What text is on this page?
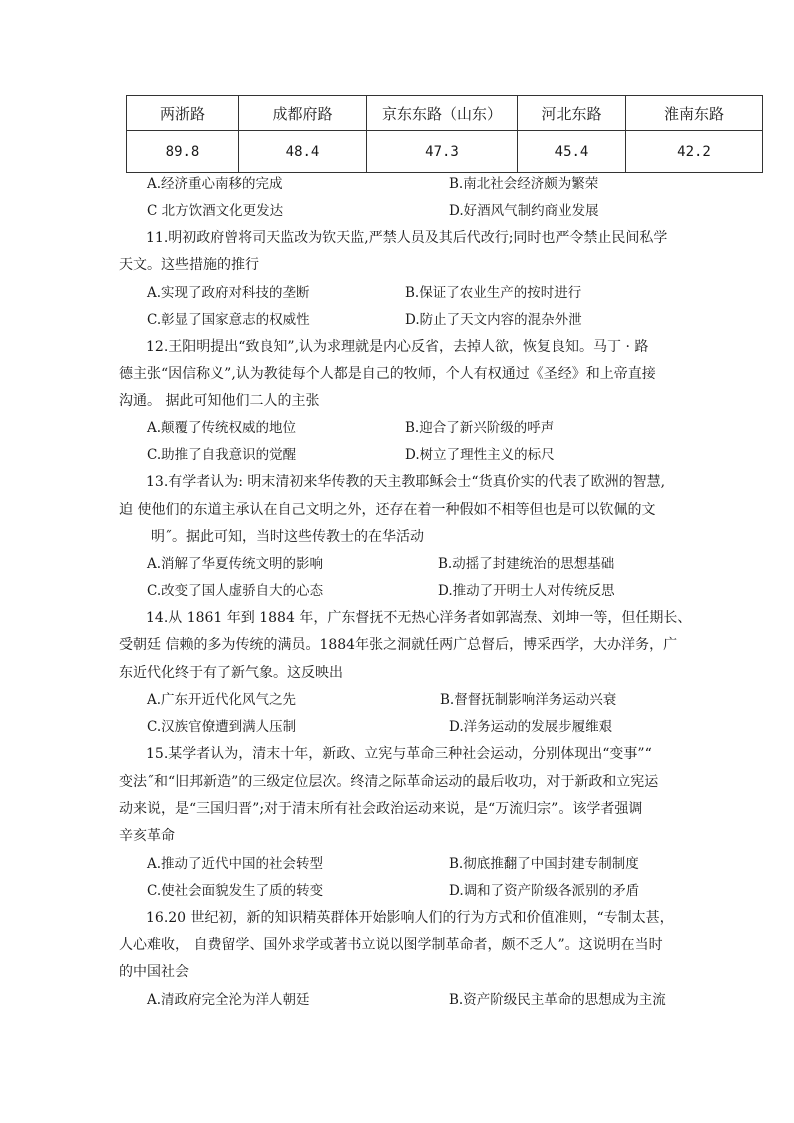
两浙路	成都府路	京东东路（山东）	河北东路	淮南东路
89.8	48.4	47.3	45.4	42.2
A.经济重心南移的完成	B.南北社会经济颇为繁荣
C 北方饮酒文化更发达	D.好酒风气制约商业发展
11.明初政府曾将司天监改为钦天监,严禁人员及其后代改行;同时也严令禁止民间私学
天文。这些措施的推行
A.实现了政府对科技的垄断	B.保证了农业生产的按时进行
C.彰显了国家意志的权威性	D.防止了天文内容的混杂外泄
12.王阳明提出“致良知”,认为求理就是内心反省，去掉人欲，恢复良知。马丁 · 路
德主张“因信称义”,认为教徒每个人都是自己的牧师，个人有权通过《圣经》和上帝直接
沟通。 据此可知他们二人的主张
A.颠覆了传统权威的地位	B.迎合了新兴阶级的呼声
C.助推了自我意识的觉醒	D.树立了理性主义的标尺
13.有学者认为: 明末清初来华传教的天主教耶稣会士“货真价实的代表了欧洲的智慧,
迫 使他们的东道主承认在自己文明之外，还存在着一种假如不相等但也是可以钦佩的文
明˝。据此可知，当时这些传教士的在华活动
A.消解了华夏传统文明的影响	B.动摇了封建统治的思想基础
C.改变了国人虚骄自大的心态	D.推动了开明士人对传统反思
14.从 1861 年到 1884 年，广东督抚不无热心洋务者如郭嵩焘、刘坤一等，但任期长、
受朝廷 信赖的多为传统的满员。1884年张之洞就任两广总督后，博采西学，大办洋务，广
东近代化终于有了新气象。这反映出
A.广东开近代化风气之先	B.督督抚制影响洋务运动兴衰
C.汉族官僚遭到满人压制	D.洋务运动的发展步履维艰
15.某学者认为，清末十年，新政、立宪与革命三种社会运动，分别体现出“变事”“
变法˝和“旧邦新造”的三级定位层次。终清之际革命运动的最后收功，对于新政和立宪运
动来说，是“三国归晋”;对于清末所有社会政治运动来说，是“万流归宗”。该学者强调
辛亥革命
A.推动了近代中国的社会转型	B.彻底推翻了中国封建专制制度
C.使社会面貌发生了质的转变	D.调和了资产阶级各派别的矛盾
16.20 世纪初，新的知识精英群体开始影响人们的行为方式和价值准则，“专制太甚，
人心难收， 自费留学、国外求学或著书立说以图学制革命者，颇不乏人”。这说明在当时
的中国社会
A.清政府完全沦为洋人朝廷	B.资产阶级民主革命的思想成为主流
